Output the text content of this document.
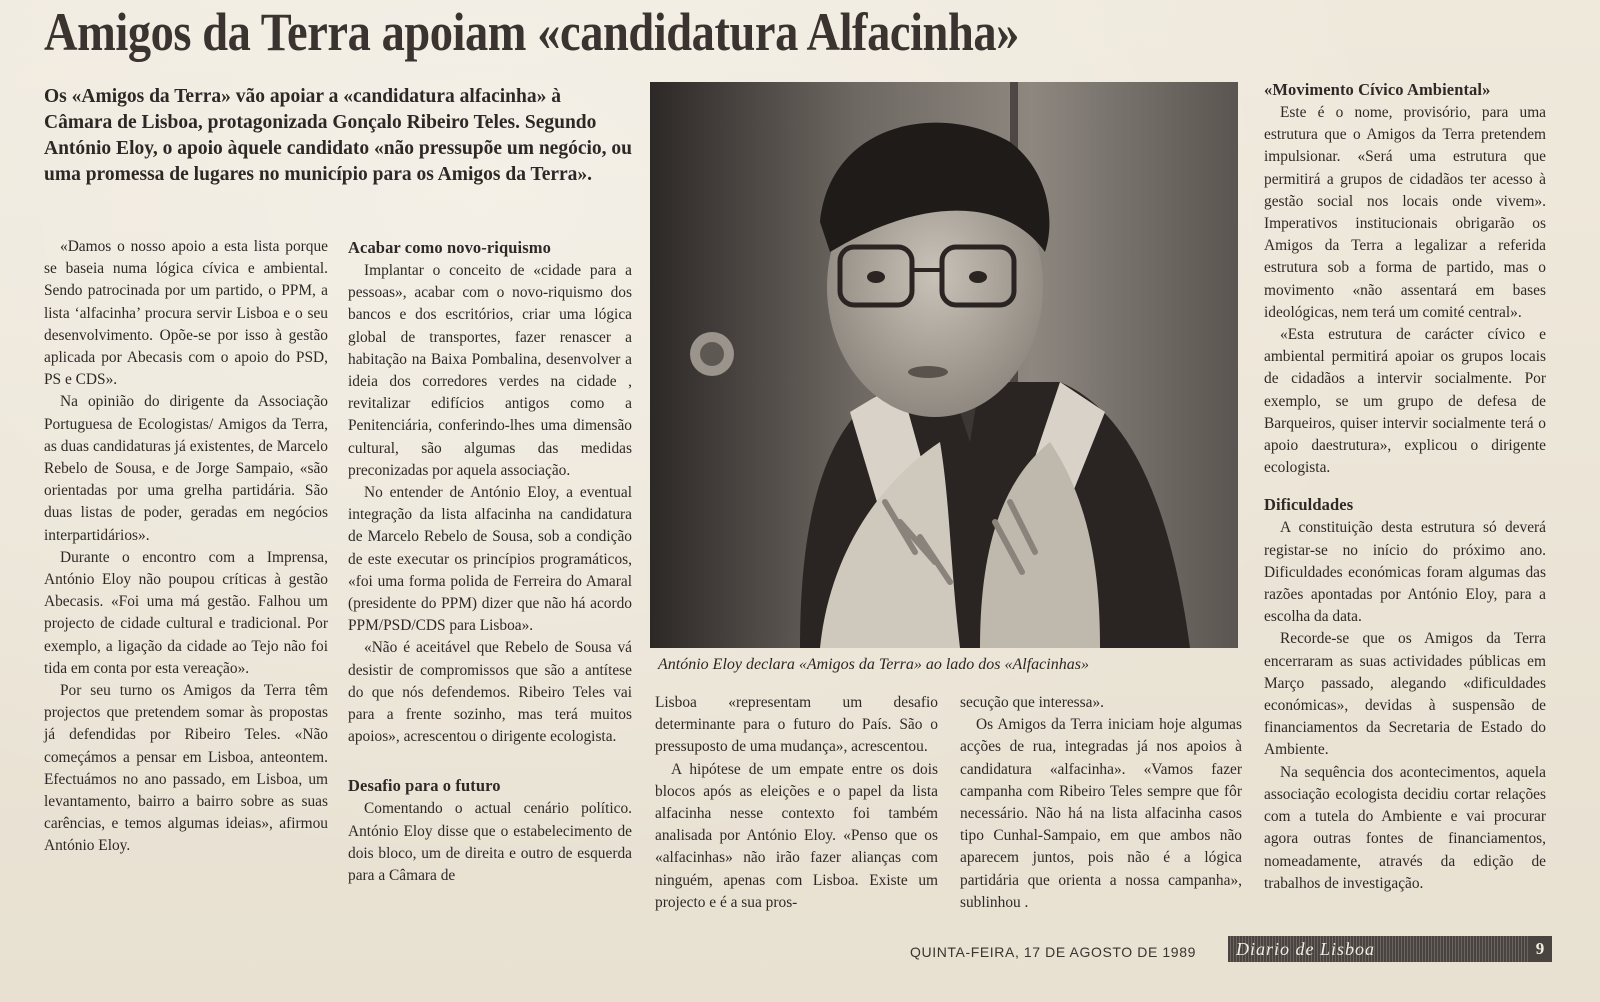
Amigos da Terra apoiam «candidatura Alfacinha»
Os «Amigos da Terra» vão apoiar a «candidatura alfacinha» à Câmara de Lisboa, protagonizada Gonçalo Ribeiro Teles. Segundo António Eloy, o apoio àquele candidato «não pressupõe um negócio, ou uma promessa de lugares no município para os Amigos da Terra».

«Damos o nosso apoio a esta lista porque se baseia numa lógica cívica e ambiental. Sendo patrocinada por um partido, o PPM, a lista ‘alfacinha’ procura servir Lisboa e o seu desenvolvimento. Opõe-se por isso à gestão aplicada por Abecasis com o apoio do PSD, PS e CDS».

Na opinião do dirigente da Associação Portuguesa de Ecologistas/ Amigos da Terra, as duas candidaturas já existentes, de Marcelo Rebelo de Sousa, e de Jorge Sampaio, «são orientadas por uma grelha partidária. São duas listas de poder, geradas em negócios interpartidários».

Durante o encontro com a Imprensa, António Eloy não poupou críticas à gestão Abecasis. «Foi uma má gestão. Falhou um projecto de cidade cultural e tradicional. Por exemplo, a ligação da cidade ao Tejo não foi tida em conta por esta vereação».

Por seu turno os Amigos da Terra têm projectos que pretendem somar às propostas já defendidas por Ribeiro Teles. «Não começámos a pensar em Lisboa, anteontem. Efectuámos no ano passado, em Lisboa, um levantamento, bairro a bairro sobre as suas carências, e temos algumas ideias», afirmou António Eloy.

Acabar como novo-riquismo

Implantar o conceito de «cidade para a pessoas», acabar com o novo-riquismo dos bancos e dos escritórios, criar uma lógica global de transportes, fazer renascer a habitação na Baixa Pombalina, desenvolver a ideia dos corredores verdes na cidade , revitalizar edifícios antigos como a Penitenciária, conferindo-lhes uma dimensão cultural, são algumas das medidas preconizadas por aquela associação.

No entender de António Eloy, a eventual integração da lista alfacinha na candidatura de Marcelo Rebelo de Sousa, sob a condição de este executar os princípios programáticos, «foi uma forma polida de Ferreira do Amaral (presidente do PPM) dizer que não há acordo PPM/PSD/CDS para Lisboa».

«Não é aceitável que Rebelo de Sousa vá desistir de compromissos que são a antítese do que nós defendemos. Ribeiro Teles vai para a frente sozinho, mas terá muitos apoios», acrescentou o dirigente ecologista.

Desafio para o futuro

Comentando o actual cenário político. António Eloy disse que o estabelecimento de dois bloco, um de direita e outro de esquerda para a Câmara de

António Eloy declara «Amigos da Terra» ao lado dos «Alfacinhas»

Lisboa «representam um desafio determinante para o futuro do País. São o pressuposto de uma mudança», acrescentou.

A hipótese de um empate entre os dois blocos após as eleições e o papel da lista alfacinha nesse contexto foi também analisada por António Eloy. «Penso que os «alfacinhas» não irão fazer alianças com ninguém, apenas com Lisboa. Existe um projecto e é a sua pros-

secução que interessa».

Os Amigos da Terra iniciam hoje algumas acções de rua, integradas já nos apoios à candidatura «alfacinha». «Vamos fazer campanha com Ribeiro Teles sempre que fôr necessário. Não há na lista alfacinha casos tipo Cunhal-Sampaio, em que ambos não aparecem juntos, pois não é a lógica partidária que orienta a nossa campanha», sublinhou .

«Movimento Cívico Ambiental»

Este é o nome, provisório, para uma estrutura que o Amigos da Terra pretendem impulsionar. «Será uma estrutura que permitirá a grupos de cidadãos ter acesso à gestão social nos locais onde vivem». Imperativos institucionais obrigarão os Amigos da Terra a legalizar a referida estrutura sob a forma de partido, mas o movimento «não assentará em bases ideológicas, nem terá um comité central».

«Esta estrutura de carácter cívico e ambiental permitirá apoiar os grupos locais de cidadãos a intervir socialmente. Por exemplo, se um grupo de defesa de Barqueiros, quiser intervir socialmente terá o apoio daestrutura», explicou o dirigente ecologista.

Dificuldades

A constituição desta estrutura só deverá registar-se no início do próximo ano. Dificuldades económicas foram algumas das razões apontadas por António Eloy, para a escolha da data.

Recorde-se que os Amigos da Terra encerraram as suas actividades públicas em Março passado, alegando «dificuldades económicas», devidas à suspensão de financiamentos da Secretaria de Estado do Ambiente.

Na sequência dos acontecimentos, aquela associação ecologista decidiu cortar relações com a tutela do Ambiente e vai procurar agora outras fontes de financiamentos, nomeadamente, através da edição de trabalhos de investigação.

QUINTA-FEIRA, 17 DE AGOSTO DE 1989	Diario de Lisboa	9
